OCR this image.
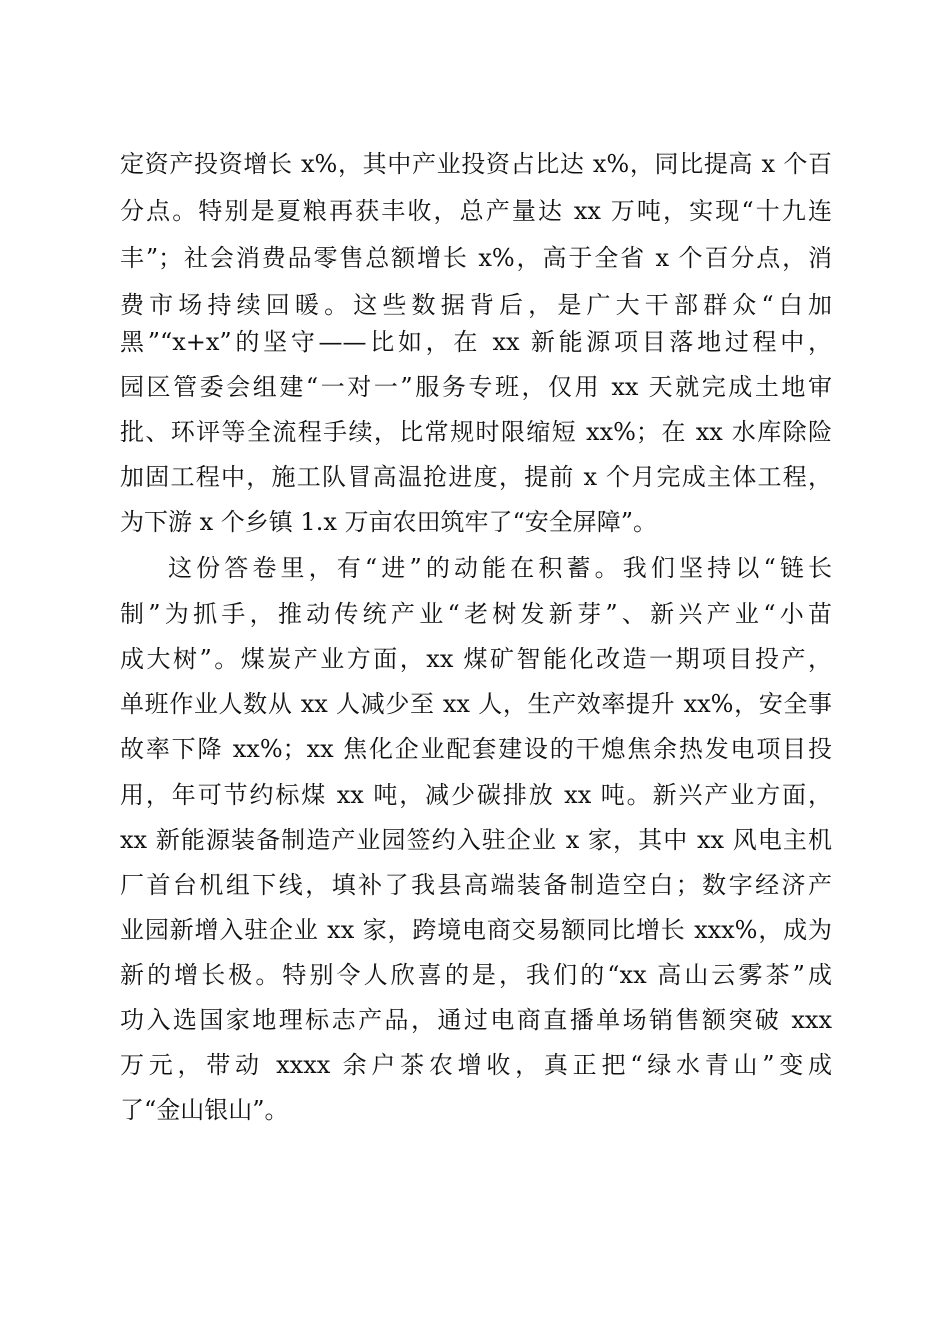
定资产投资增长 x%，其中产业投资占比达 x%，同比提高 x 个百
分点。特别是夏粮再获丰收，总产量达 xx 万吨，实现“十九连
丰”；社会消费品零售总额增长 x%，高于全省 x 个百分点，消
费市场持续回暖。这些数据背后，是广大干部群众“白加
黑”“x+x”的坚守——比如，在 xx 新能源项目落地过程中，
园区管委会组建“一对一”服务专班，仅用 xx 天就完成土地审
批、环评等全流程手续，比常规时限缩短 xx%；在 xx 水库除险
加固工程中，施工队冒高温抢进度，提前 x 个月完成主体工程，
为下游 x 个乡镇 1.x 万亩农田筑牢了“安全屏障”。
这份答卷里，有“进”的动能在积蓄。我们坚持以“链长
制”为抓手，推动传统产业“老树发新芽”、新兴产业“小苗
成大树”。煤炭产业方面，xx 煤矿智能化改造一期项目投产，
单班作业人数从 xx 人减少至 xx 人，生产效率提升 xx%，安全事
故率下降 xx%；xx 焦化企业配套建设的干熄焦余热发电项目投
用，年可节约标煤 xx 吨，减少碳排放 xx 吨。新兴产业方面，
xx 新能源装备制造产业园签约入驻企业 x 家，其中 xx 风电主机
厂首台机组下线，填补了我县高端装备制造空白；数字经济产
业园新增入驻企业 xx 家，跨境电商交易额同比增长 xxx%，成为
新的增长极。特别令人欣喜的是，我们的“xx 高山云雾茶”成
功入选国家地理标志产品，通过电商直播单场销售额突破 xxx
万元，带动 xxxx 余户茶农增收，真正把“绿水青山”变成
了“金山银山”。
